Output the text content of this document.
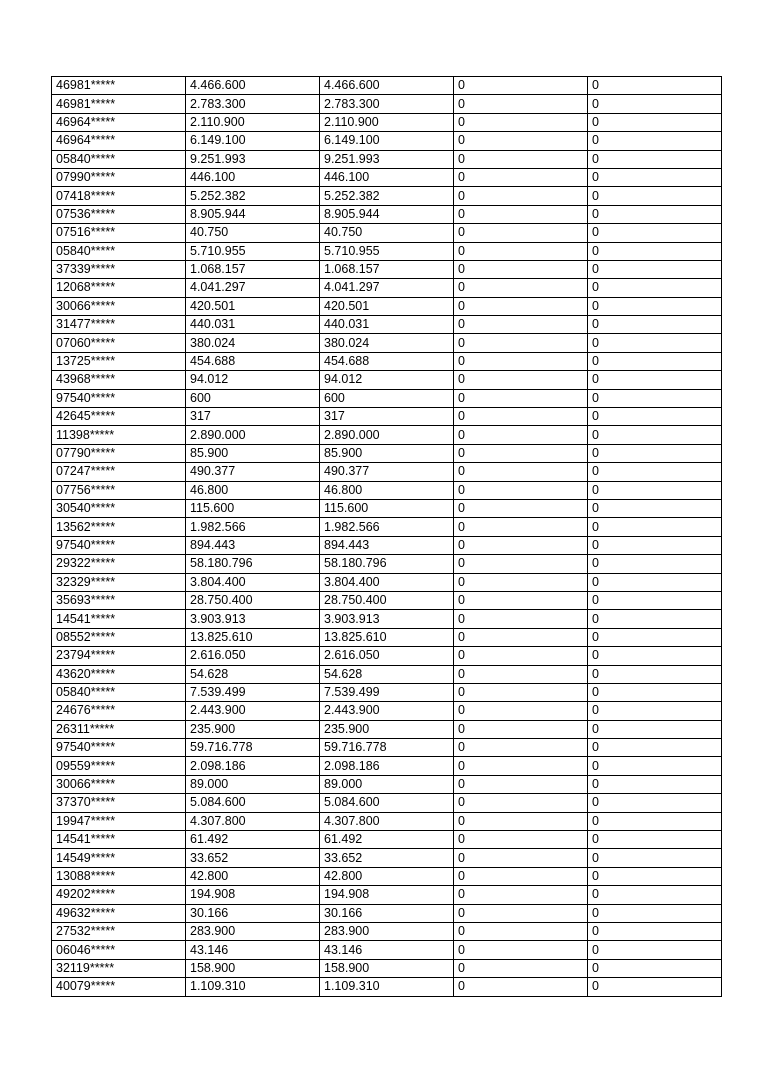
46981*****	4.466.600	4.466.600	0	0
46981*****	2.783.300	2.783.300	0	0
46964*****	2.110.900	2.110.900	0	0
46964*****	6.149.100	6.149.100	0	0
05840*****	9.251.993	9.251.993	0	0
07990*****	446.100	446.100	0	0
07418*****	5.252.382	5.252.382	0	0
07536*****	8.905.944	8.905.944	0	0
07516*****	40.750	40.750	0	0
05840*****	5.710.955	5.710.955	0	0
37339*****	1.068.157	1.068.157	0	0
12068*****	4.041.297	4.041.297	0	0
30066*****	420.501	420.501	0	0
31477*****	440.031	440.031	0	0
07060*****	380.024	380.024	0	0
13725*****	454.688	454.688	0	0
43968*****	94.012	94.012	0	0
97540*****	600	600	0	0
42645*****	317	317	0	0
11398*****	2.890.000	2.890.000	0	0
07790*****	85.900	85.900	0	0
07247*****	490.377	490.377	0	0
07756*****	46.800	46.800	0	0
30540*****	115.600	115.600	0	0
13562*****	1.982.566	1.982.566	0	0
97540*****	894.443	894.443	0	0
29322*****	58.180.796	58.180.796	0	0
32329*****	3.804.400	3.804.400	0	0
35693*****	28.750.400	28.750.400	0	0
14541*****	3.903.913	3.903.913	0	0
08552*****	13.825.610	13.825.610	0	0
23794*****	2.616.050	2.616.050	0	0
43620*****	54.628	54.628	0	0
05840*****	7.539.499	7.539.499	0	0
24676*****	2.443.900	2.443.900	0	0
26311*****	235.900	235.900	0	0
97540*****	59.716.778	59.716.778	0	0
09559*****	2.098.186	2.098.186	0	0
30066*****	89.000	89.000	0	0
37370*****	5.084.600	5.084.600	0	0
19947*****	4.307.800	4.307.800	0	0
14541*****	61.492	61.492	0	0
14549*****	33.652	33.652	0	0
13088*****	42.800	42.800	0	0
49202*****	194.908	194.908	0	0
49632*****	30.166	30.166	0	0
27532*****	283.900	283.900	0	0
06046*****	43.146	43.146	0	0
32119*****	158.900	158.900	0	0
40079*****	1.109.310	1.109.310	0	0
